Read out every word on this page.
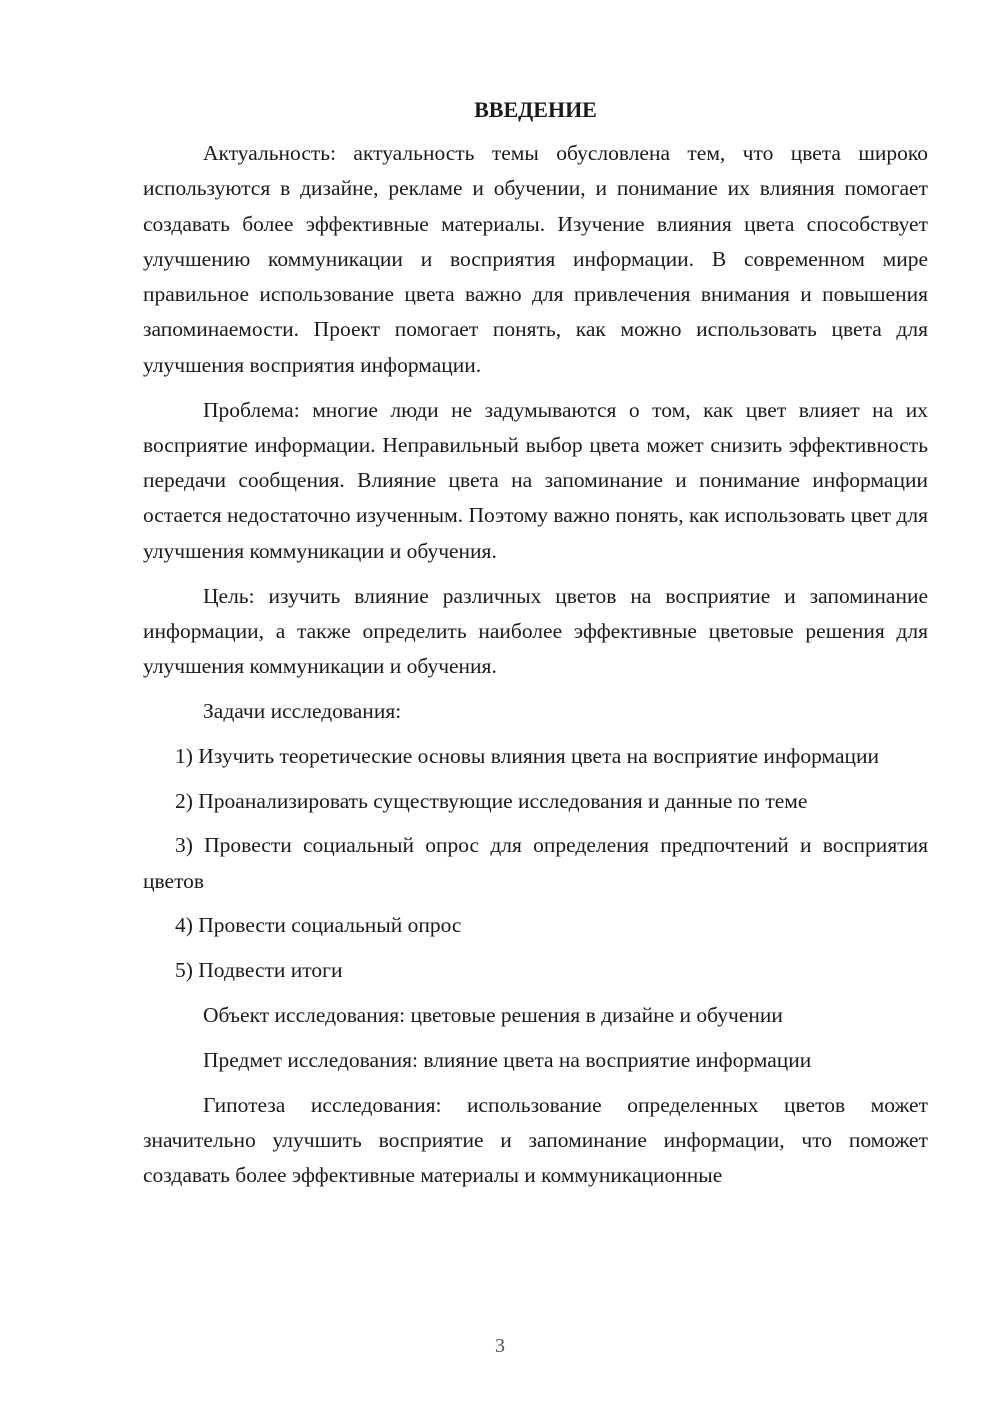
ВВЕДЕНИЕ

Актуальность: актуальность темы обусловлена тем, что цвета широко используются в дизайне, рекламе и обучении, и понимание их влияния помогает создавать более эффективные материалы. Изучение влияния цвета способствует улучшению коммуникации и восприятия информации. В современном мире правильное использование цвета важно для привлечения внимания и повышения запоминаемости. Проект помогает понять, как можно использовать цвета для улучшения восприятия информации.

Проблема: многие люди не задумываются о том, как цвет влияет на их восприятие информации. Неправильный выбор цвета может снизить эффективность передачи сообщения. Влияние цвета на запоминание и понимание информации остается недостаточно изученным. Поэтому важно понять, как использовать цвет для улучшения коммуникации и обучения.

Цель: изучить влияние различных цветов на восприятие и запоминание информации, а также определить наиболее эффективные цветовые решения для улучшения коммуникации и обучения.

Задачи исследования:

1) Изучить теоретические основы влияния цвета на восприятие информации

2) Проанализировать существующие исследования и данные по теме

3) Провести социальный опрос для определения предпочтений и восприятия цветов

4) Провести социальный опрос

5) Подвести итоги

Объект исследования: цветовые решения в дизайне и обучении

Предмет исследования: влияние цвета на восприятие информации

Гипотеза исследования: использование определенных цветов может значительно улучшить восприятие и запоминание информации, что поможет создавать более эффективные материалы и коммуникационные

3
